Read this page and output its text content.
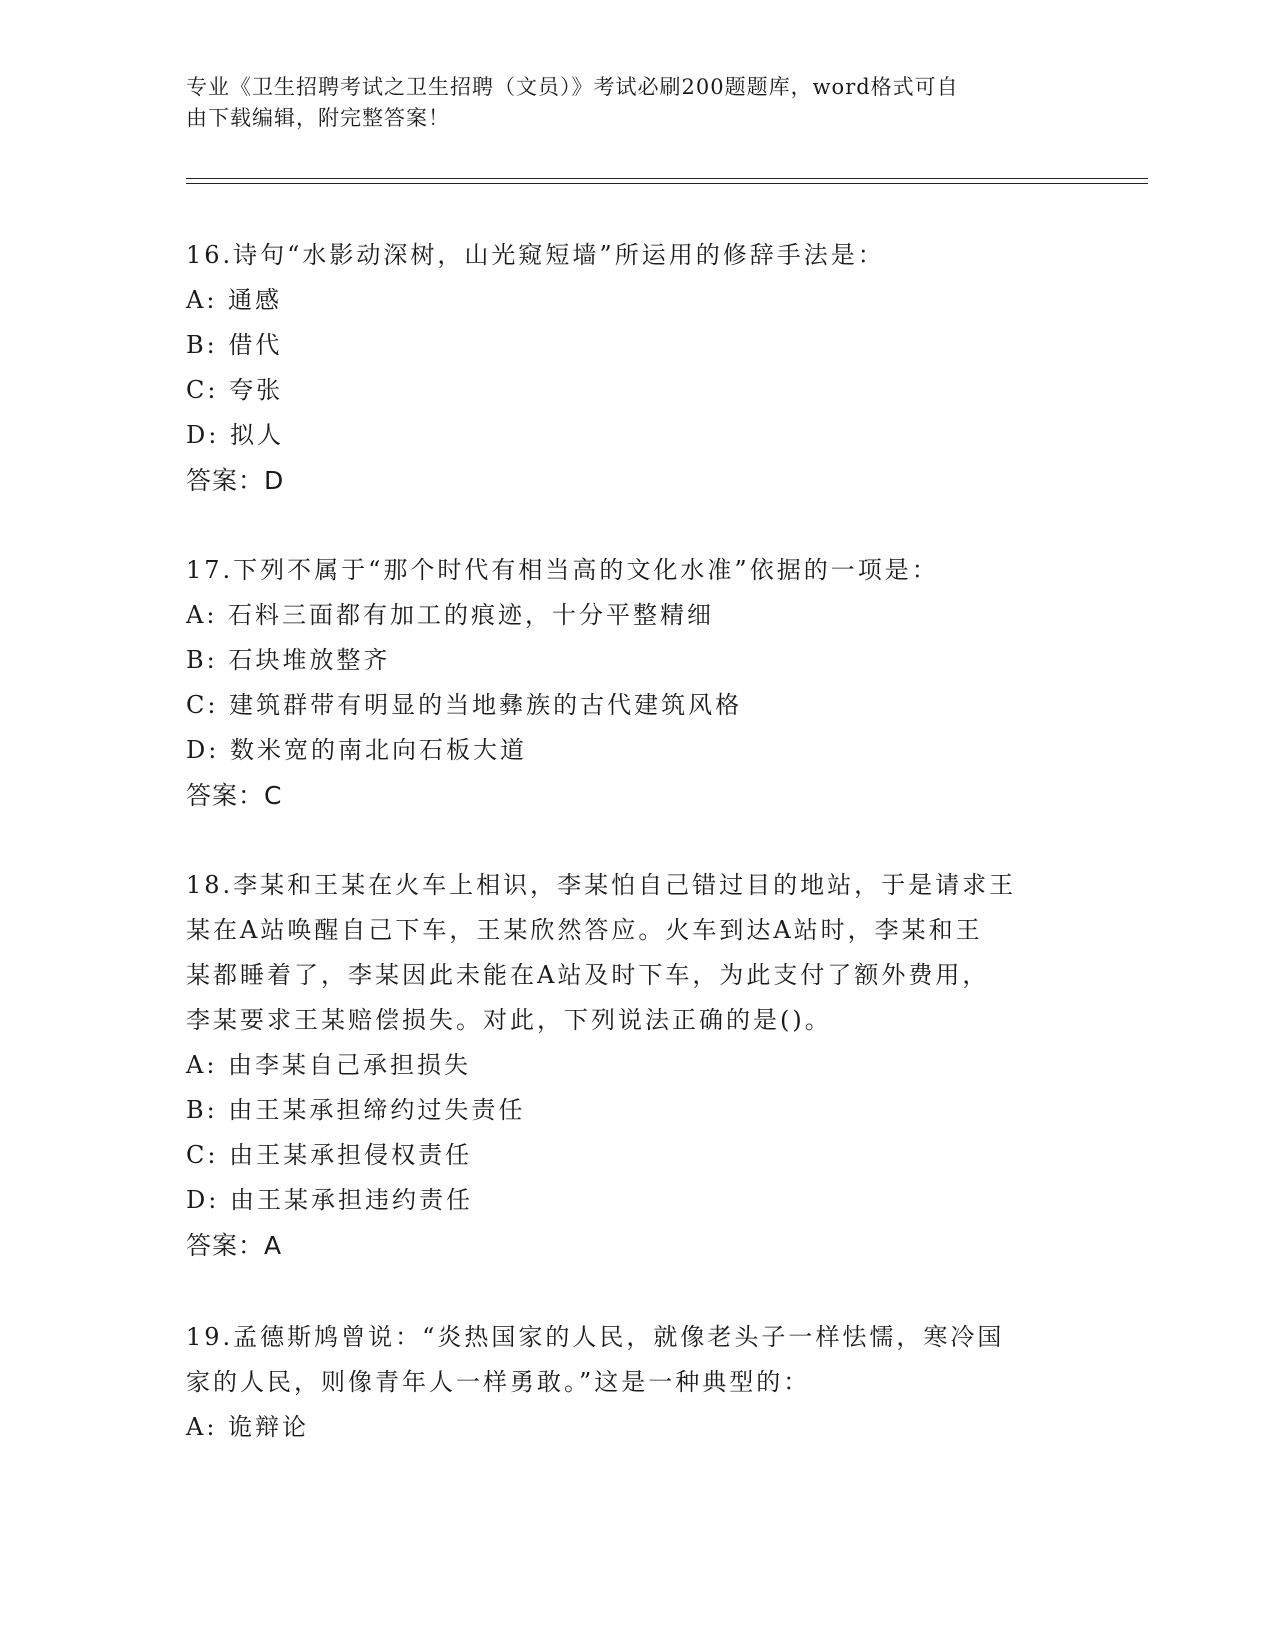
专业《卫生招聘考试之卫生招聘（文员）》考试必刷200题题库，word格式可自
由下载编辑，附完整答案！

16.诗句“水影动深树，山光窥短墙”所运用的修辞手法是：

A: 通感

B: 借代

C: 夸张

D: 拟人

答案：D

17.下列不属于“那个时代有相当高的文化水准”依据的一项是：

A: 石料三面都有加工的痕迹，十分平整精细

B: 石块堆放整齐

C: 建筑群带有明显的当地彝族的古代建筑风格

D: 数米宽的南北向石板大道

答案：C

18.李某和王某在火车上相识，李某怕自己错过目的地站，于是请求王

某在A站唤醒自己下车，王某欣然答应。火车到达A站时，李某和王

某都睡着了，李某因此未能在A站及时下车，为此支付了额外费用，

李某要求王某赔偿损失。对此，下列说法正确的是()。

A: 由李某自己承担损失

B: 由王某承担缔约过失责任

C: 由王某承担侵权责任

D: 由王某承担违约责任

答案：A

19.孟德斯鸠曾说：“炎热国家的人民，就像老头子一样怯懦，寒冷国

家的人民，则像青年人一样勇敢。”这是一种典型的：

A: 诡辩论
